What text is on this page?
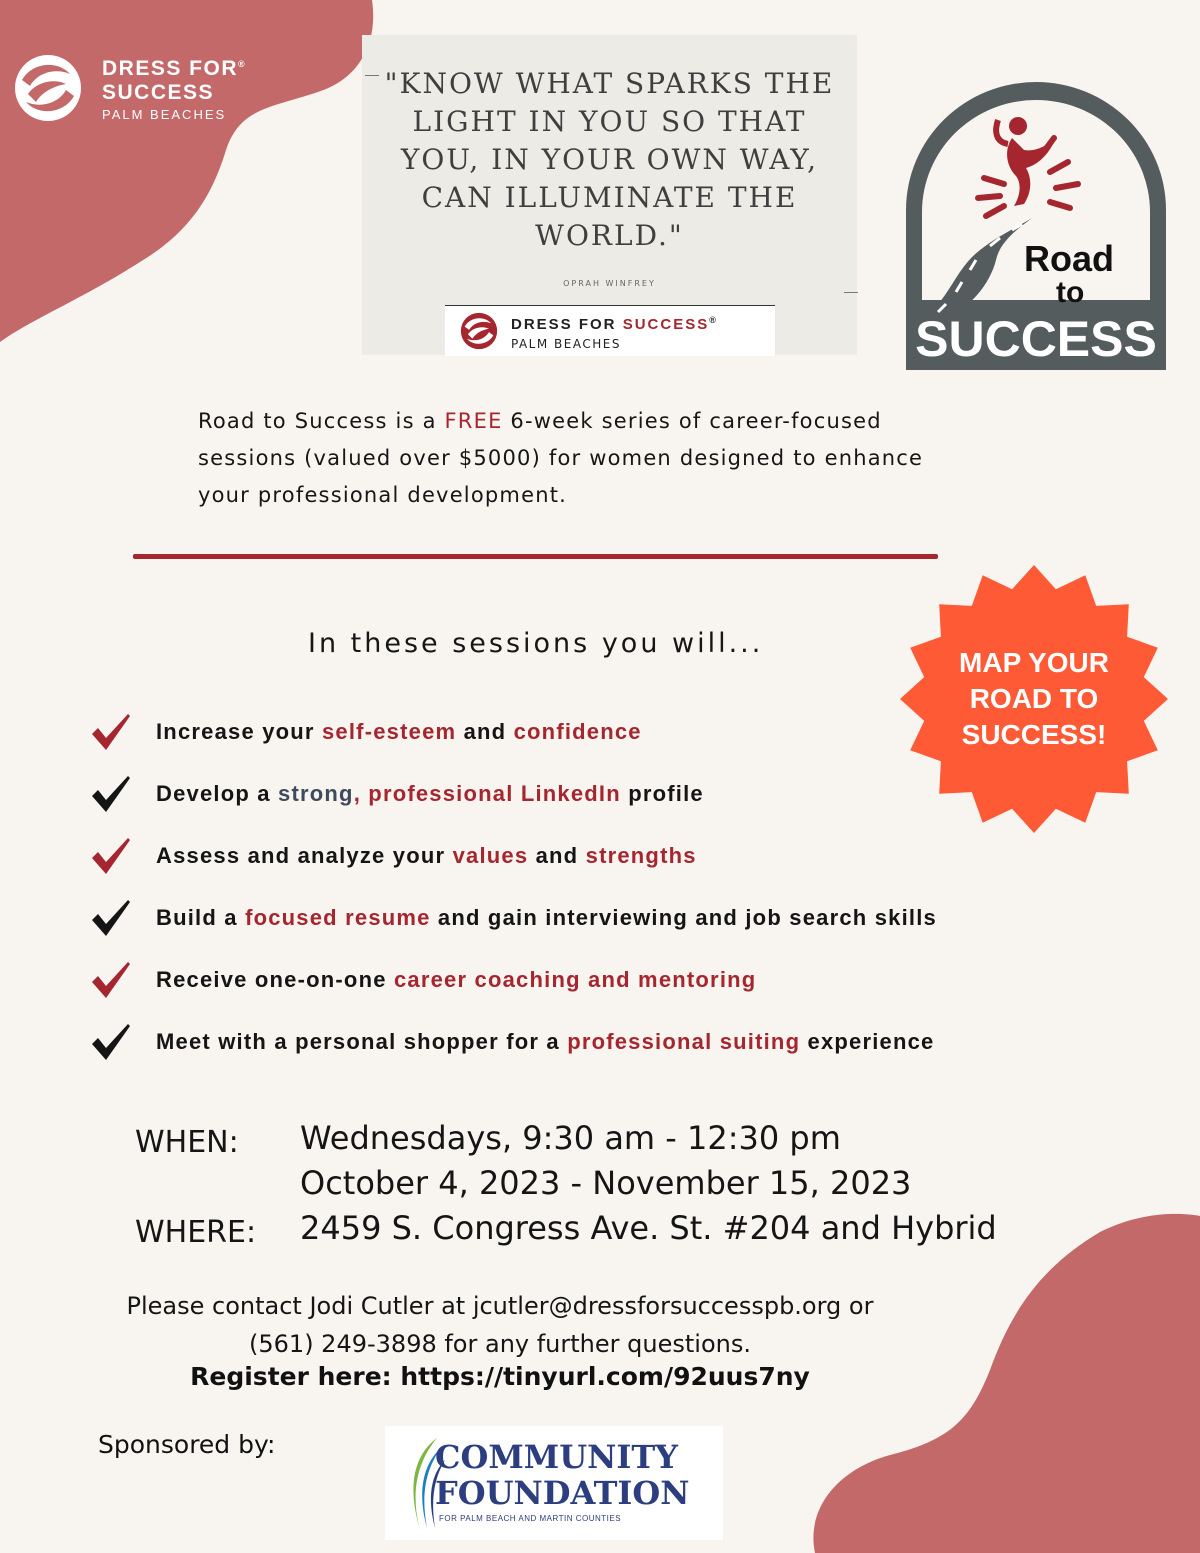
DRESS FOR®
SUCCESS
PALM BEACHES
"KNOW WHAT SPARKS THE LIGHT IN YOU SO THAT YOU, IN YOUR OWN WAY, CAN ILLUMINATE THE WORLD."
OPRAH WINFREY
DRESS FOR SUCCESS®
PALM BEACHES
Road
to
SUCCESS
Road to Success is a FREE 6-week series of career-focused sessions (valued over $5000) for women designed to enhance your professional development.
In these sessions you will...
MAP YOUR
ROAD TO
SUCCESS!
Increase your self-esteem and confidence
Develop a strong, professional LinkedIn profile
Assess and analyze your values and strengths
Build a focused resume and gain interviewing and job search skills
Receive one-on-one career coaching and mentoring
Meet with a personal shopper for a professional suiting experience
WHEN: Wednesdays, 9:30 am - 12:30 pm
October 4, 2023 - November 15, 2023
WHERE: 2459 S. Congress Ave. St. #204 and Hybrid
Please contact Jodi Cutler at jcutler@dressforsuccesspb.org or
(561) 249-3898 for any further questions.
Register here: https://tinyurl.com/92uus7ny
Sponsored by:	COMMUNITY
FOUNDATION
FOR PALM BEACH AND MARTIN COUNTIES
